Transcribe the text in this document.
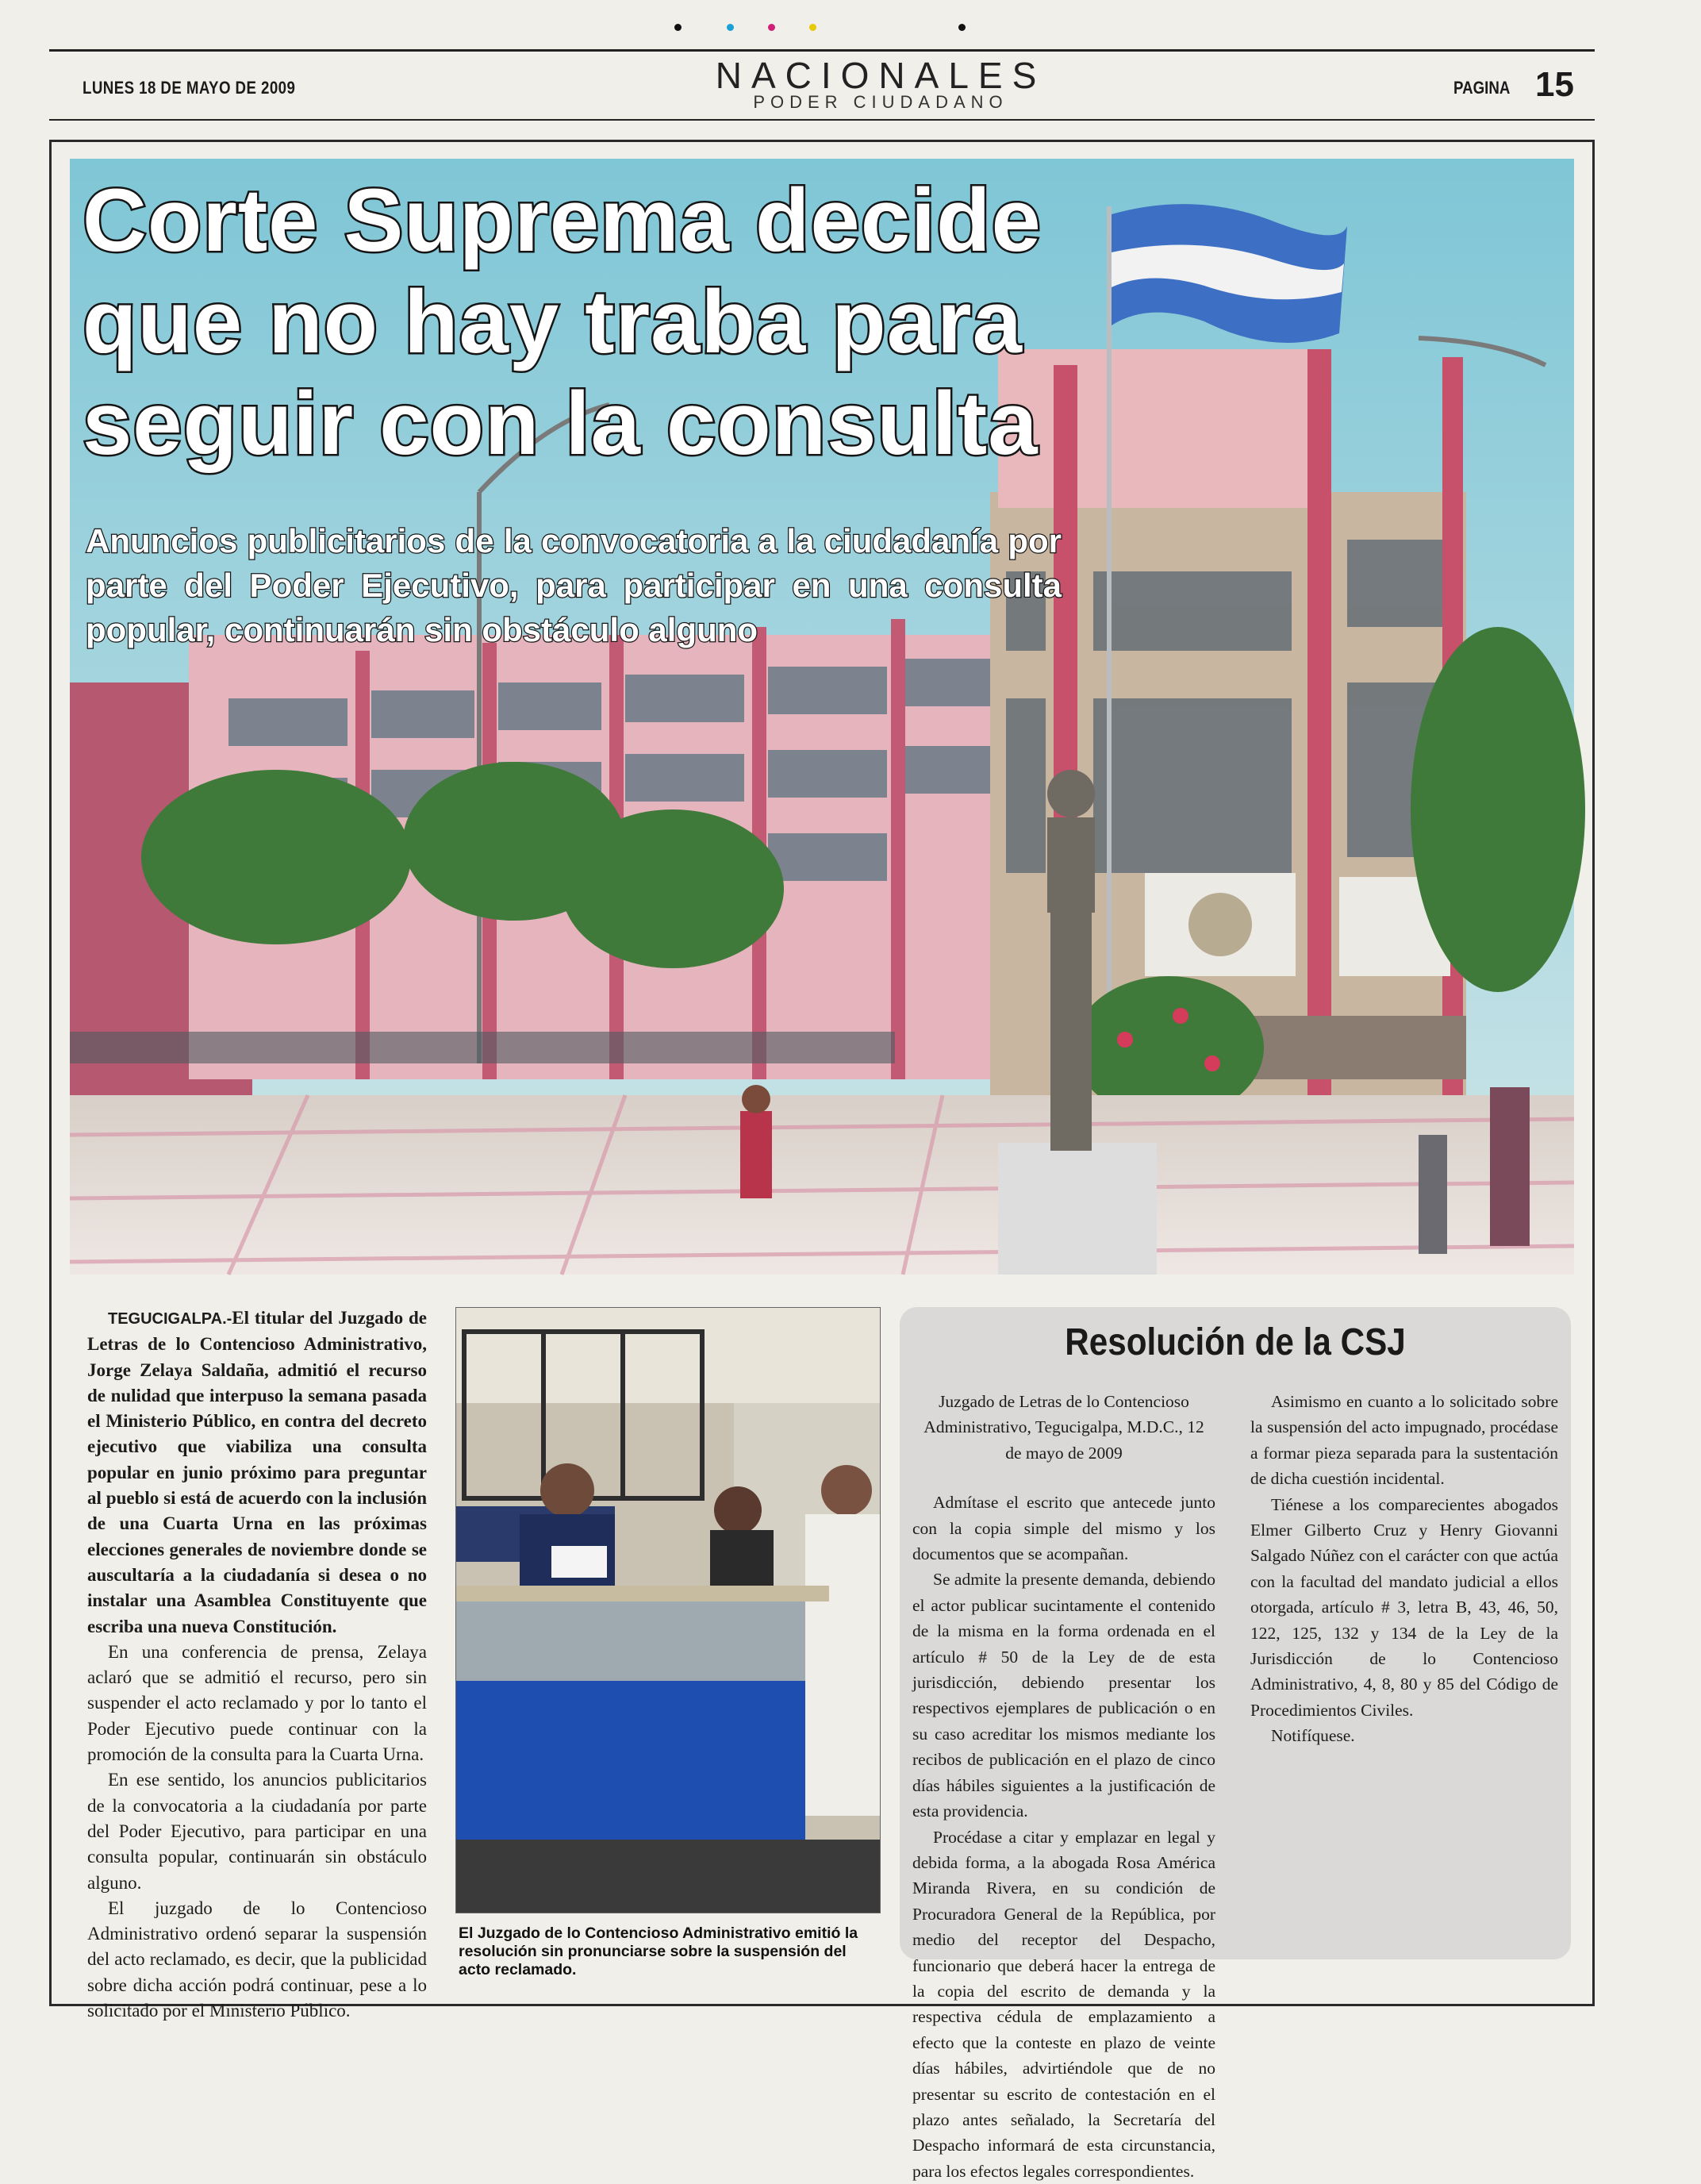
LUNES 18 DE MAYO DE 2009	NACIONALES
PODER CIUDADANO
PAGINA 15
Corte Suprema decide que no hay traba para seguir con la consulta
Anuncios publicitarios de la convocatoria a la ciudadanía por parte del Poder Ejecutivo, para participar en una consulta popular, continuarán sin obstáculo alguno

TEGUCIGALPA.-El titular del Juzgado de Letras de lo Contencioso Administrativo, Jorge Zelaya Saldaña, admitió el recurso de nulidad que interpuso la semana pasada el Ministerio Público, en contra del decreto ejecutivo que viabiliza una consulta popular en junio próximo para preguntar al pueblo si está de acuerdo con la inclusión de una Cuarta Urna en las próximas elecciones generales de noviembre donde se auscultaría a la ciudadanía si desea o no instalar una Asamblea Constituyente que escriba una nueva Constitución.

En una conferencia de prensa, Zelaya aclaró que se admitió el recurso, pero sin suspender el acto reclamado y por lo tanto el Poder Ejecutivo puede continuar con la promoción de la consulta para la Cuarta Urna.

En ese sentido, los anuncios publicitarios de la convocatoria a la ciudadanía por parte del Poder Ejecutivo, para participar en una consulta popular, continuarán sin obstáculo alguno.

El juzgado de lo Contencioso Administrativo ordenó separar la suspensión del acto reclamado, es decir, que la publicidad sobre dicha acción podrá continuar, pese a lo solicitado por el Ministerio Público.

El Juzgado de lo Contencioso Administrativo emitió la resolución sin pronunciarse sobre la suspensión del acto reclamado.
Resolución de la CSJ

Juzgado de Letras de lo Contencioso Administrativo, Tegucigalpa, M.D.C., 12 de mayo de 2009

Admítase el escrito que antecede junto con la copia simple del mismo y los documentos que se acompañan.

Se admite la presente demanda, debiendo el actor publicar sucintamente el contenido de la misma en la forma ordenada en el artículo # 50 de la Ley de de esta jurisdicción, debiendo presentar los respectivos ejemplares de publicación o en su caso acreditar los mismos mediante los recibos de publicación en el plazo de cinco días hábiles siguientes a la justificación de esta providencia.

Procédase a citar y emplazar en legal y debida forma, a la abogada Rosa América Miranda Rivera, en su condición de Procuradora General de la República, por medio del receptor del Despacho, funcionario que deberá hacer la entrega de la copia del escrito de demanda y la respectiva cédula de emplazamiento a efecto que la conteste en plazo de veinte días hábiles, advirtiéndole que de no presentar su escrito de contestación en el plazo antes señalado, la Secretaría del Despacho informará de esta circunstancia, para los efectos legales correspondientes.

Asimismo en cuanto a lo solicitado sobre la suspensión del acto impugnado, procédase a formar pieza separada para la sustentación de dicha cuestión incidental.

Tiénese a los comparecientes abogados Elmer Gilberto Cruz y Henry Giovanni Salgado Núñez con el carácter con que actúa con la facultad del mandato judicial a ellos otorgada, artículo # 3, letra B, 43, 46, 50, 122, 125, 132 y 134 de la Ley de la Jurisdicción de lo Contencioso Administrativo, 4, 8, 80 y 85 del Código de Procedimientos Civiles.

Notifíquese.
